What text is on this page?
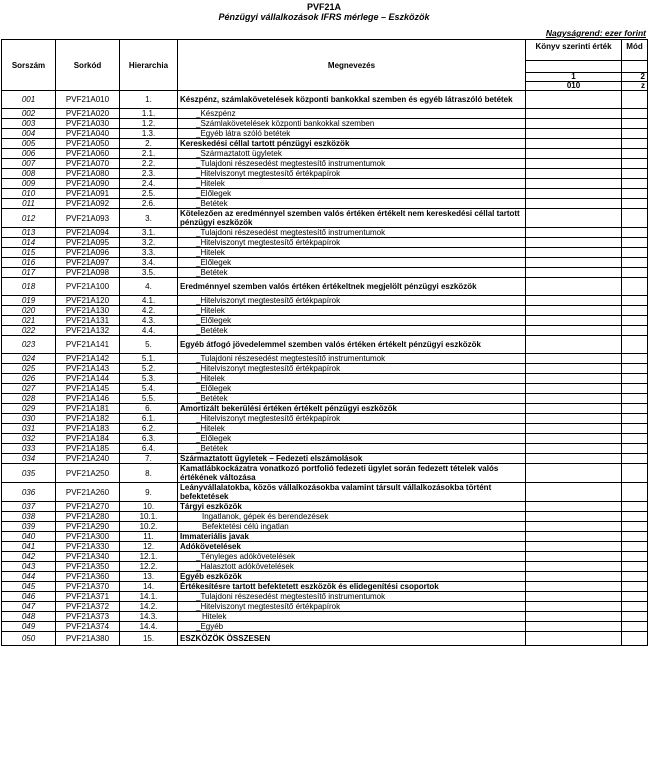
PVF21A
Pénzügyi vállalkozások IFRS mérlege – Eszközök
Nagyságrend: ezer forint
Sorszám	Sorkód	Hierarchia	Megnevezés	Könyv szerinti érték	Mód

				1	2
				010	z
001	PVF21A010	1.	Készpénz, számlakövetelések központi bankokkal szemben és egyéb látraszóló betétek		
002	PVF21A020	1.1.	_Készpénz		
003	PVF21A030	1.2.	_Számlakövetelések központi bankokkal szemben		
004	PVF21A040	1.3.	_Egyéb látra szóló betétek		
005	PVF21A050	2.	Kereskedési céllal tartott pénzügyi eszközök		
006	PVF21A060	2.1.	_Származtatott ügyletek		
007	PVF21A070	2.2.	_Tulajdoni részesedést megtestesítő instrumentumok		
008	PVF21A080	2.3.	_Hitelviszonyt megtestesítő értékpapírok		
009	PVF21A090	2.4.	_Hitelek		
010	PVF21A091	2.5.	_Előlegek		
011	PVF21A092	2.6.	_Betétek		
012	PVF21A093	3.	Kötelezően az eredménnyel szemben valós értéken értékelt nem kereskedési céllal tartott pénzügyi eszközök		
013	PVF21A094	3.1.	_Tulajdoni részesedést megtestesítő instrumentumok		
014	PVF21A095	3.2.	_Hitelviszonyt megtestesítő értékpapírok		
015	PVF21A096	3.3.	_Hitelek		
016	PVF21A097	3.4.	_Előlegek		
017	PVF21A098	3.5.	_Betétek		
018	PVF21A100	4.	Eredménnyel szemben valós értéken értékeltnek megjelölt pénzügyi eszközök		
019	PVF21A120	4.1.	_Hitelviszonyt megtestesítő értékpapírok		
020	PVF21A130	4.2.	_Hitelek		
021	PVF21A131	4.3.	_Előlegek		
022	PVF21A132	4.4.	_Betétek		
023	PVF21A141	5.	Egyéb átfogó jövedelemmel szemben valós értéken értékelt pénzügyi eszközök		
024	PVF21A142	5.1.	_Tulajdoni részesedést megtestesítő instrumentumok		
025	PVF21A143	5.2.	_Hitelviszonyt megtestesítő értékpapírok		
026	PVF21A144	5.3.	_Hitelek		
027	PVF21A145	5.4.	_Előlegek		
028	PVF21A146	5.5.	_Betétek		
029	PVF21A181	6.	Amortizált bekerülési értéken értékelt pénzügyi eszközök		
030	PVF21A182	6.1.	_Hitelviszonyt megtestesítő értékpapírok		
031	PVF21A183	6.2.	_Hitelek		
032	PVF21A184	6.3.	_Előlegek		
033	PVF21A185	6.4.	_Betétek		
034	PVF21A240	7.	Származtatott ügyletek – Fedezeti elszámolások		
035	PVF21A250	8.	Kamatlábkockázatra vonatkozó portfolió fedezeti ügylet során fedezett tételek valós értékének változása		
036	PVF21A260	9.	Leányvállalatokba, közös vállalkozásokba valamint társult vállalkozásokba történt befektetések		
037	PVF21A270	10.	Tárgyi eszközök		
038	PVF21A280	10.1.	Ingatlanok, gépek és berendezések		
039	PVF21A290	10.2.	Befektetési célú ingatlan		
040	PVF21A300	11.	Immateriális javak		
041	PVF21A330	12.	Adókövetelések		
042	PVF21A340	12.1.	_Tényleges adókövetelések		
043	PVF21A350	12.2.	_Halasztott adókövetelések		
044	PVF21A360	13.	Egyéb eszközök		
045	PVF21A370	14.	Értékesítésre tartott befektetett eszközök és elidegenítési csoportok		
046	PVF21A371	14.1.	_Tulajdoni részesedést megtestesítő instrumentumok		
047	PVF21A372	14.2.	_Hitelviszonyt megtestesítő értékpapírok		
048	PVF21A373	14.3.	Hitelek		
049	PVF21A374	14.4.	_Egyéb		
050	PVF21A380	15.	ESZKÖZÖK ÖSSZESEN		
